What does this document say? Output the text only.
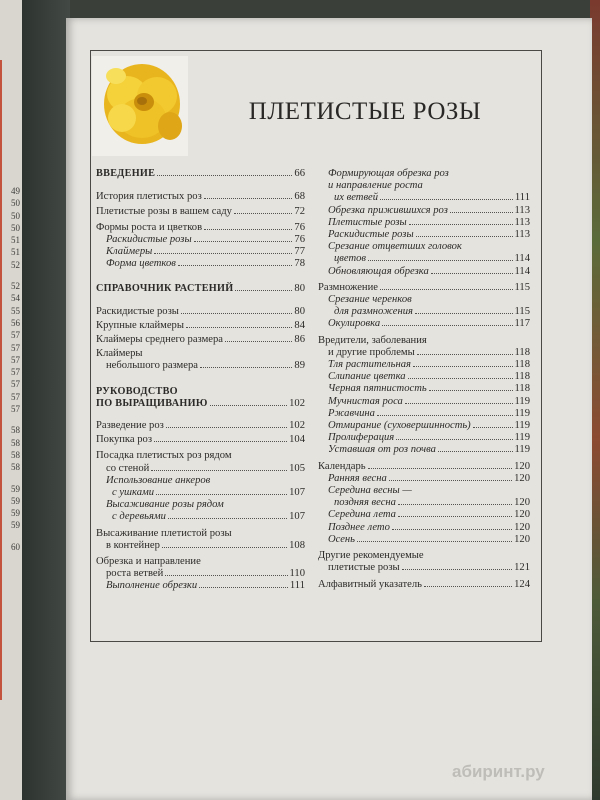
49
50
50
50
51
51
52
52
54
55
56
57
57
57
57
57
57
57
58
58
58
58
59
59
59
59
60
ПЛЕТИСТЫЕ РОЗЫ
ВВЕДЕНИЕ	66
История плетистых роз	68
Плетистые розы в вашем саду	72
Формы роста и цветков	76
Раскидистые розы	76
Клаймеры	77
Форма цветков	78
СПРАВОЧНИК РАСТЕНИЙ	80
Раскидистые розы	80
Крупные клаймеры	84
Клаймеры среднего размера	86
Клаймеры
небольшого размера	89
РУКОВОДСТВО
ПО ВЫРАЩИВАНИЮ	102
Разведение роз	102
Покупка роз	104
Посадка плетистых роз рядом
со стеной	105
Использование анкеров
с ушками	107
Высаживание розы рядом
с деревьями	107
Высаживание плетистой розы
в контейнер	108
Обрезка и направление
роста ветвей	110
Выполнение обрезки	111
Формирующая обрезка роз
и направление роста
их ветвей	111
Обрезка прижившихся роз	113
Плетистые розы	113
Раскидистые розы	113
Срезание отцветших головок
цветов	114
Обновляющая обрезка	114
Размножение	115
Срезание черенков
для размножения	115
Окулировка	117
Вредители, заболевания
и другие проблемы	118
Тля растительная	118
Слипание цветка	118
Черная пятнистость	118
Мучнистая роса	119
Ржавчина	119
Отмирание (суховершинность)	119
Пролиферация	119
Уставшая от роз почва	119
Календарь	120
Ранняя весна	120
Середина весны —
поздняя весна	120
Середина лета	120
Позднее лето	120
Осень	120
Другие рекомендуемые
плетистые розы	121
Алфавитный указатель	124
абиринт.ру
